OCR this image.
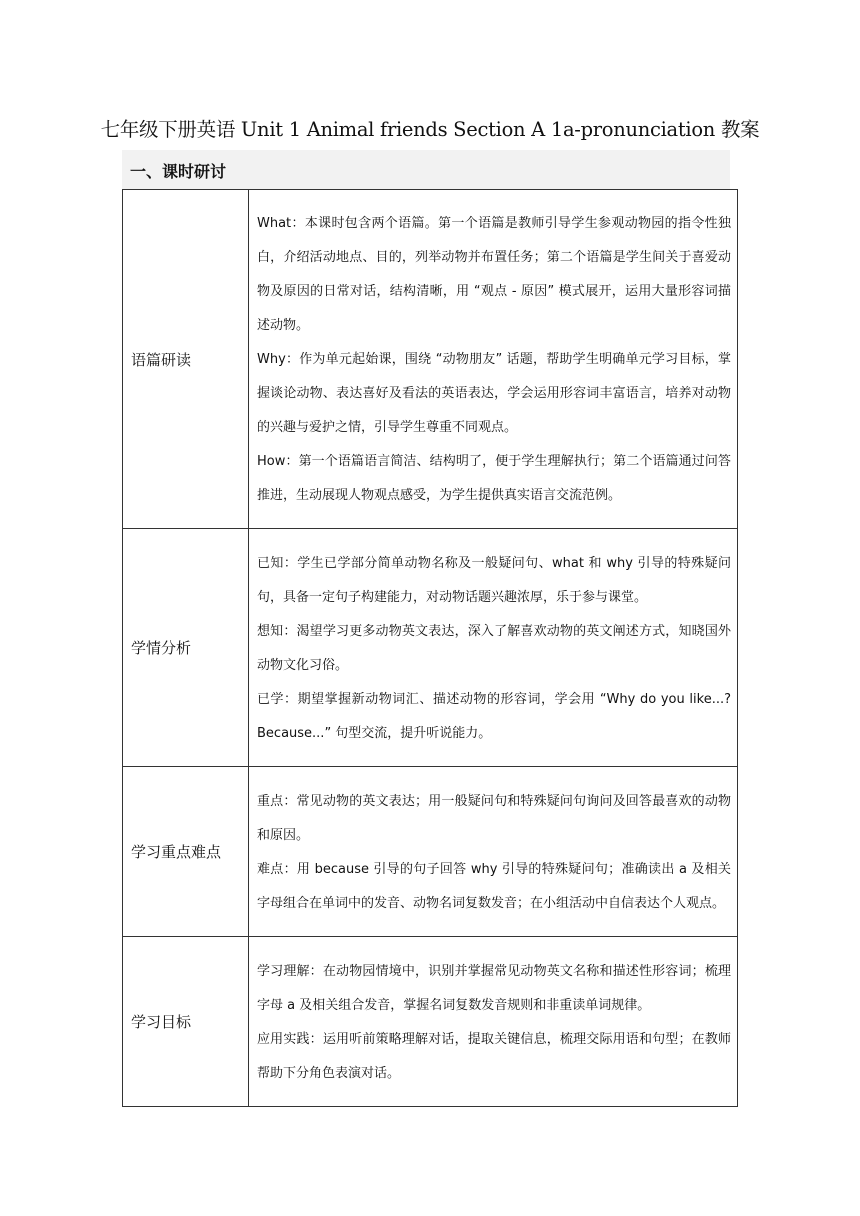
七年级下册英语 Unit 1 Animal friends Section A 1a-pronunciation 教案
一、课时研讨
语篇研读	What：本课时包含两个语篇。第一个语篇是教师引导学生参观动物园的指令性独白，介绍活动地点、目的，列举动物并布置任务；第二个语篇是学生间关于喜爱动物及原因的日常对话，结构清晰，用 “观点 - 原因” 模式展开，运用大量形容词描述动物。

Why：作为单元起始课，围绕 “动物朋友” 话题，帮助学生明确单元学习目标，掌握谈论动物、表达喜好及看法的英语表达，学会运用形容词丰富语言，培养对动物的兴趣与爱护之情，引导学生尊重不同观点。

How：第一个语篇语言简洁、结构明了，便于学生理解执行；第二个语篇通过问答推进，生动展现人物观点感受，为学生提供真实语言交流范例。

学情分析	已知：学生已学部分简单动物名称及一般疑问句、what 和 why 引导的特殊疑问句，具备一定句子构建能力，对动物话题兴趣浓厚，乐于参与课堂。

想知：渴望学习更多动物英文表达，深入了解喜欢动物的英文阐述方式，知晓国外动物文化习俗。

已学：期望掌握新动物词汇、描述动物的形容词，学会用 “Why do you like...? Because...” 句型交流，提升听说能力。

学习重点难点	重点：常见动物的英文表达；用一般疑问句和特殊疑问句询问及回答最喜欢的动物和原因。

难点：用 because 引导的句子回答 why 引导的特殊疑问句；准确读出 a 及相关字母组合在单词中的发音、动物名词复数发音；在小组活动中自信表达个人观点。

学习目标	学习理解：在动物园情境中，识别并掌握常见动物英文名称和描述性形容词；梳理字母 a 及相关组合发音，掌握名词复数发音规则和非重读单词规律。

应用实践：运用听前策略理解对话，提取关键信息，梳理交际用语和句型；在教师帮助下分角色表演对话。
